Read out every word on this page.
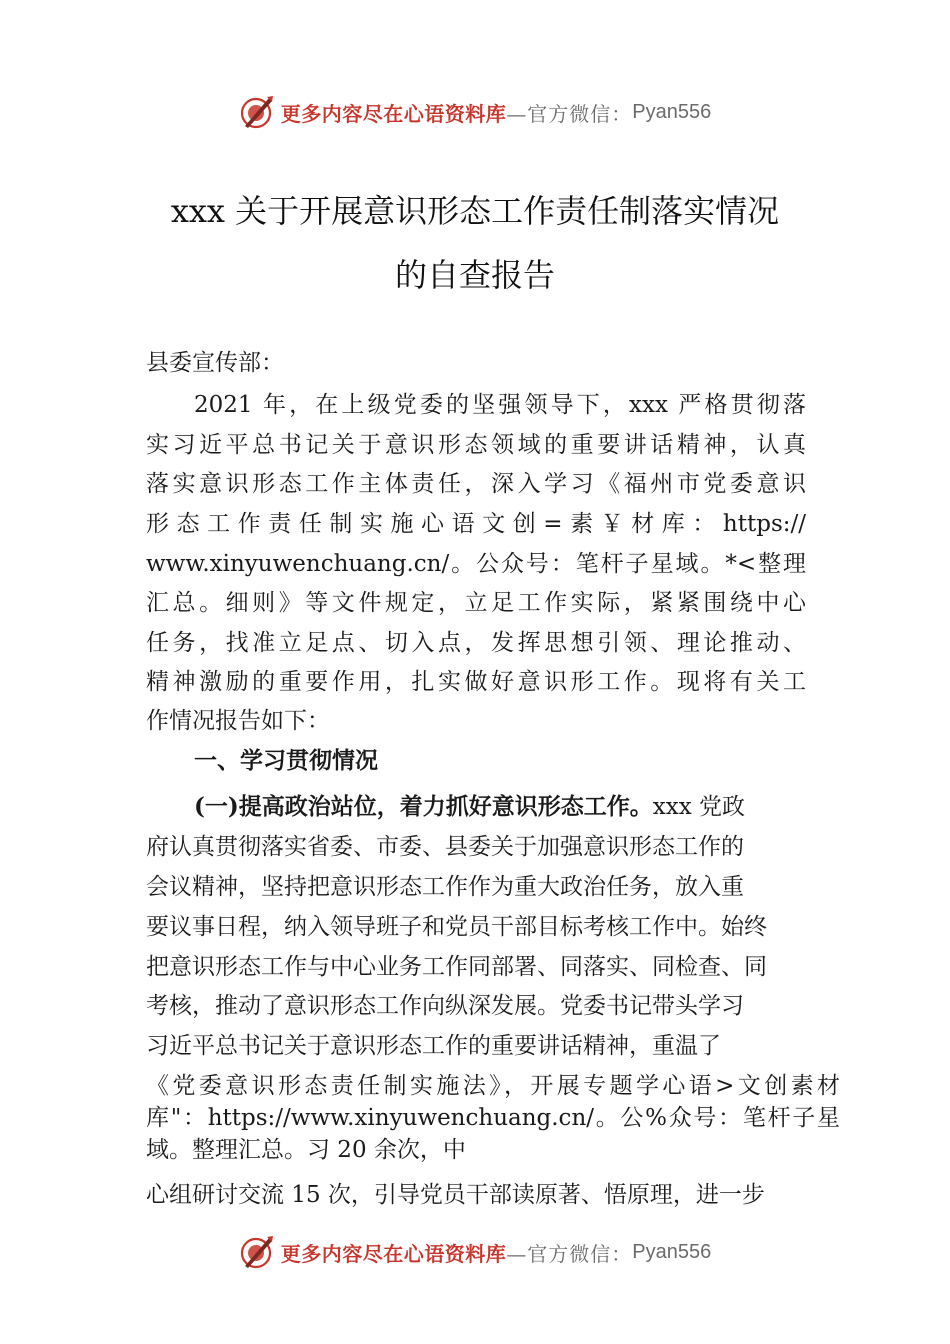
更多内容尽在心语资料库 —官方微信： Pyan556
xxx 关于开展意识形态工作责任制落实情况
的自查报告
县委宣传部：
2021 年，在上级党委的坚强领导下，xxx 严格贯彻落
实习近平总书记关于意识形态领域的重要讲话精神，认真
落实意识形态工作主体责任，深入学习《福州市党委意识
形态工作责任制实施心语文创=素￥材库：https://
www.xinyuwenchuang.cn/。公众号：笔杆子星域。*<整理
汇总。细则》等文件规定，立足工作实际，紧紧围绕中心
任务，找准立足点、切入点，发挥思想引领、理论推动、
精神激励的重要作用，扎实做好意识形工作。现将有关工
作情况报告如下：
一、学习贯彻情况
(一)提高政治站位，着力抓好意识形态工作。xxx 党政
府认真贯彻落实省委、市委、县委关于加强意识形态工作的
会议精神，坚持把意识形态工作作为重大政治任务，放入重
要议事日程，纳入领导班子和党员干部目标考核工作中。始终
把意识形态工作与中心业务工作同部署、同落实、同检查、同
考核，推动了意识形态工作向纵深发展。党委书记带头学习
习近平总书记关于意识形态工作的重要讲话精神，重温了
《党委意识形态责任制实施法》，开展专题学心语>文创素材
库"：https://www.xinyuwenchuang.cn/。公%众号：笔杆子星
域。整理汇总。习 20 余次，中
心组研讨交流 15 次，引导党员干部读原著、悟原理，进一步
更多内容尽在心语资料库 —官方微信： Pyan556
